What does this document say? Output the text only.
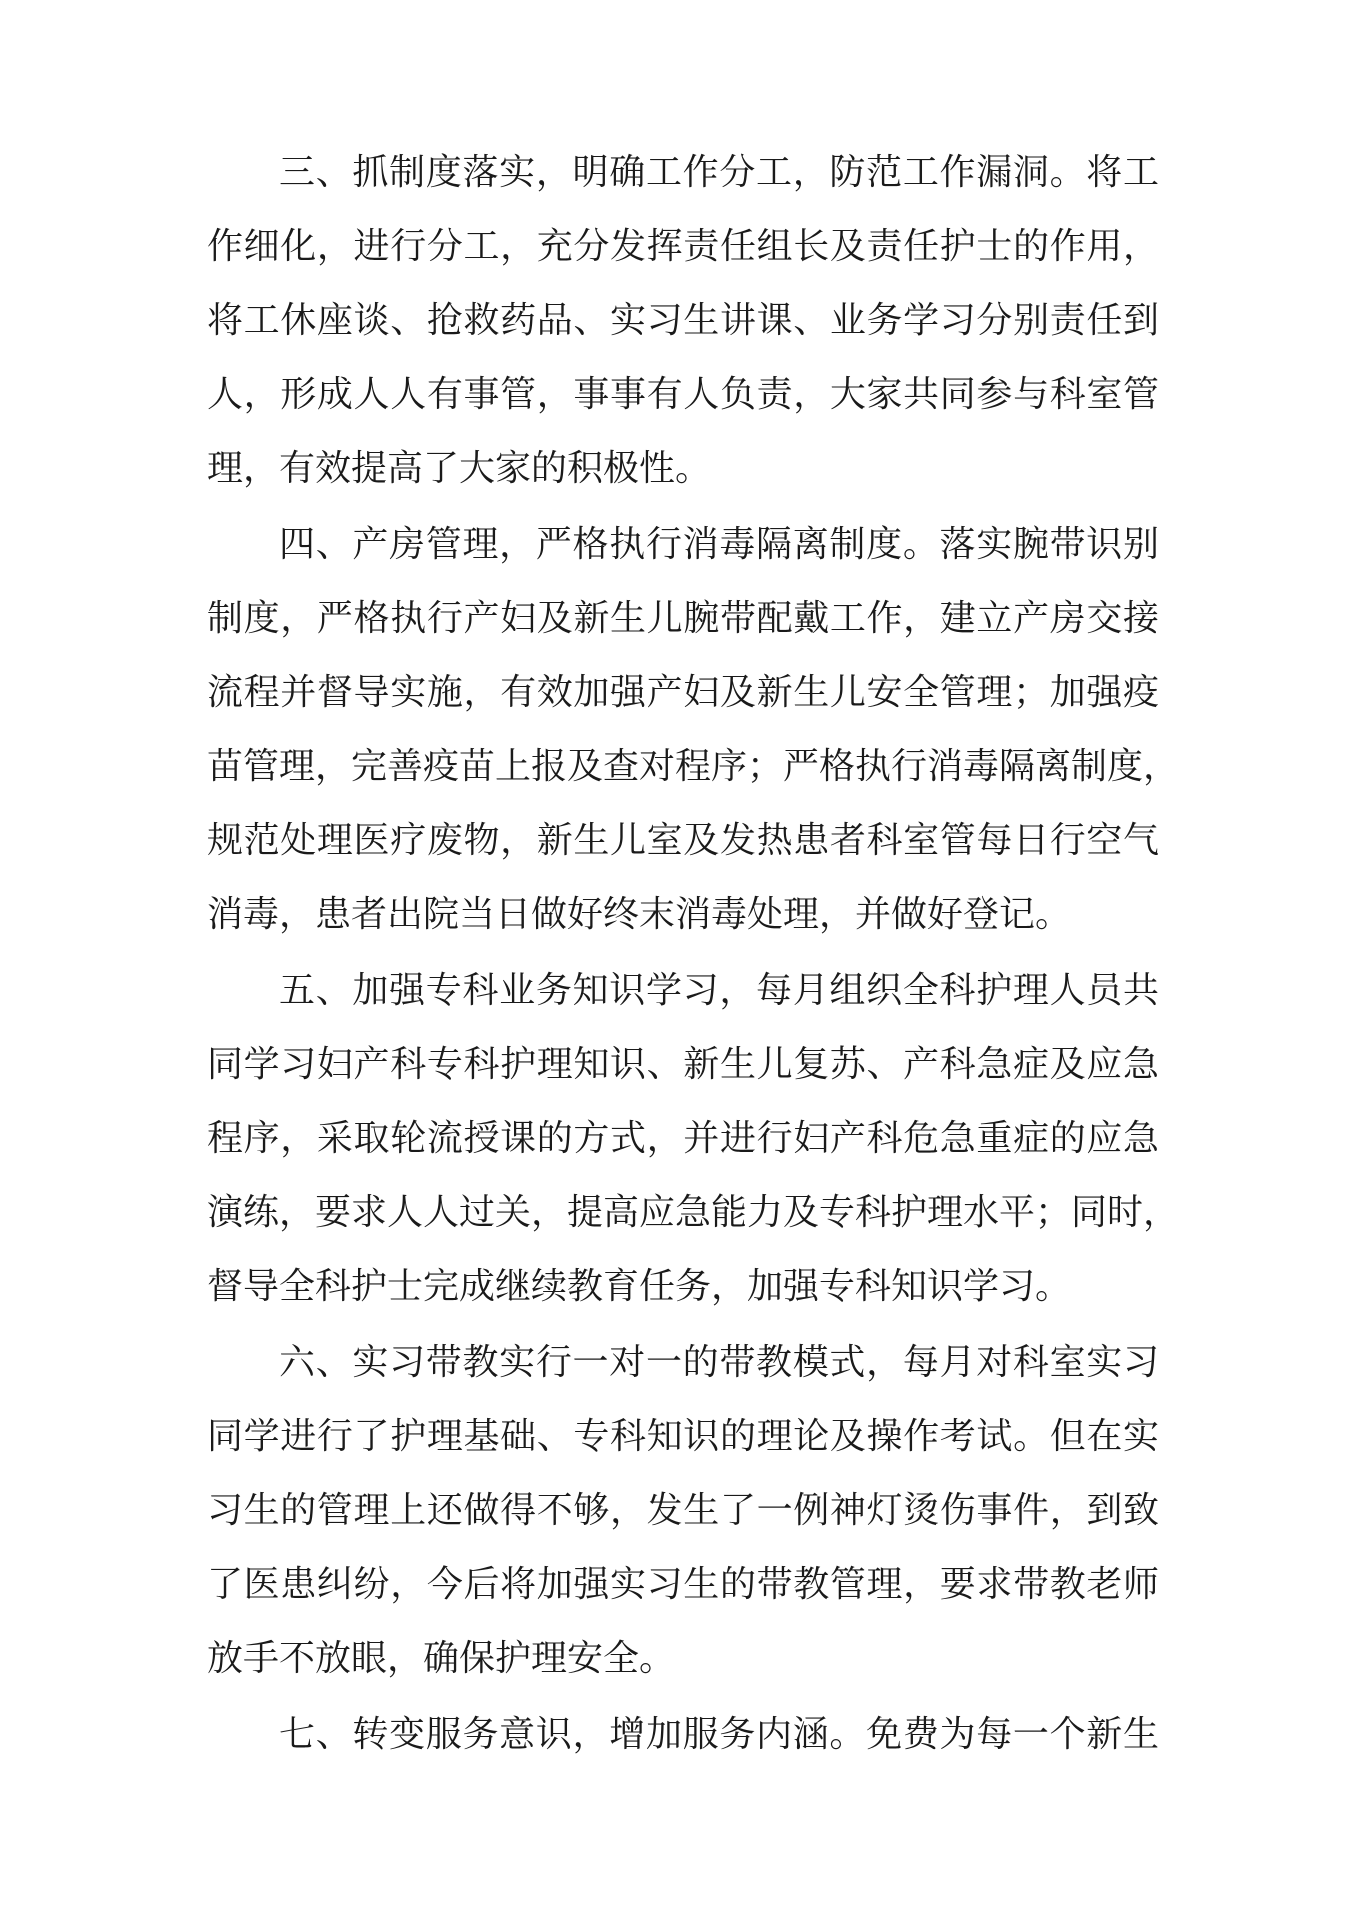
三、抓制度落实，明确工作分工，防范工作漏洞。将工
作细化，进行分工，充分发挥责任组长及责任护士的作用，
将工休座谈、抢救药品、实习生讲课、业务学习分别责任到
人，形成人人有事管，事事有人负责，大家共同参与科室管
理，有效提高了大家的积极性。
四、产房管理，严格执行消毒隔离制度。落实腕带识别
制度，严格执行产妇及新生儿腕带配戴工作，建立产房交接
流程并督导实施，有效加强产妇及新生儿安全管理；加强疫
苗管理，完善疫苗上报及查对程序；严格执行消毒隔离制度，
规范处理医疗废物，新生儿室及发热患者科室管每日行空气
消毒，患者出院当日做好终末消毒处理，并做好登记。
五、加强专科业务知识学习，每月组织全科护理人员共
同学习妇产科专科护理知识、新生儿复苏、产科急症及应急
程序，采取轮流授课的方式，并进行妇产科危急重症的应急
演练，要求人人过关，提高应急能力及专科护理水平；同时，
督导全科护士完成继续教育任务，加强专科知识学习。
六、实习带教实行一对一的带教模式，每月对科室实习
同学进行了护理基础、专科知识的理论及操作考试。但在实
习生的管理上还做得不够，发生了一例神灯烫伤事件，到致
了医患纠纷，今后将加强实习生的带教管理，要求带教老师
放手不放眼，确保护理安全。
七、转变服务意识，增加服务内涵。免费为每一个新生
